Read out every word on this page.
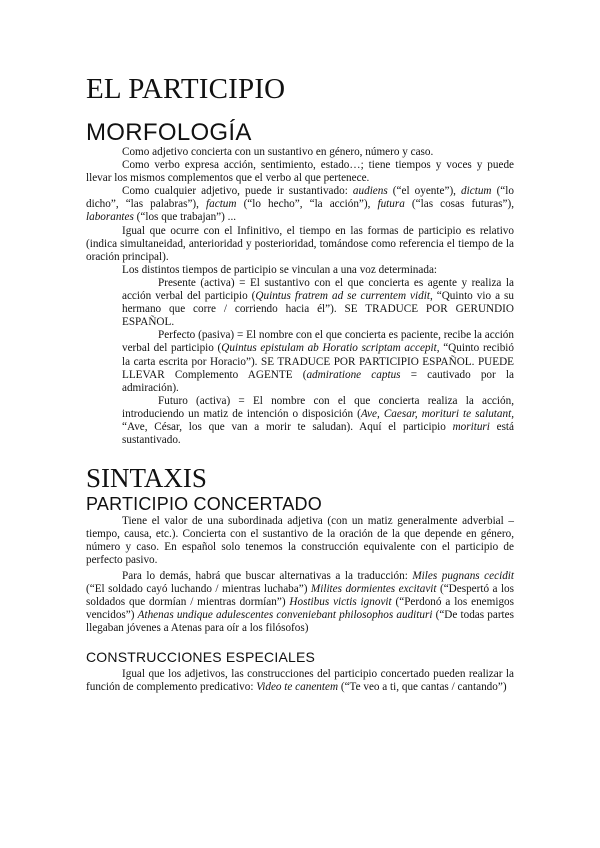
EL PARTICIPIO
MORFOLOGÍA

Como adjetivo concierta con un sustantivo en género, número y caso.

Como verbo expresa acción, sentimiento, estado…; tiene tiempos y voces y puede llevar los mismos complementos que el verbo al que pertenece.

Como cualquier adjetivo, puede ir sustantivado: audiens (“el oyente”), dictum (“lo dicho”, “las palabras”), factum (“lo hecho”, “la acción”), futura (“las cosas futuras”), laborantes (“los que trabajan”) ...

Igual que ocurre con el Infinitivo, el tiempo en las formas de participio es relativo (indica simultaneidad, anterioridad y posterioridad, tomándose como referencia el tiempo de la oración principal).

Los distintos tiempos de participio se vinculan a una voz determinada:

Presente (activa) = El sustantivo con el que concierta es agente y realiza la acción verbal del participio (Quintus fratrem ad se currentem vidit, “Quinto vio a su hermano que corre / corriendo hacia él”). SE TRADUCE POR GERUNDIO ESPAÑOL.

Perfecto (pasiva) = El nombre con el que concierta es paciente, recibe la acción verbal del participio (Quintus epistulam ab Horatio scriptam accepit, “Quinto recibió la carta escrita por Horacio”). SE TRADUCE POR PARTICIPIO ESPAÑOL. PUEDE LLEVAR Complemento AGENTE (admiratione captus = cautivado por la admiración).

Futuro (activa) = El nombre con el que concierta realiza la acción, introduciendo un matiz de intención o disposición (Ave, Caesar, morituri te salutant, “Ave, César, los que van a morir te saludan). Aquí el participio morituri está sustantivado.

SINTAXIS
PARTICIPIO CONCERTADO

Tiene el valor de una subordinada adjetiva (con un matiz generalmente adverbial –tiempo, causa, etc.). Concierta con el sustantivo de la oración de la que depende en género, número y caso. En español solo tenemos la construcción equivalente con el participio de perfecto pasivo.

Para lo demás, habrá que buscar alternativas a la traducción: Miles pugnans cecidit (“El soldado cayó luchando / mientras luchaba”) Milites dormientes excitavit (“Despertó a los soldados que dormían / mientras dormían”) Hostibus victis ignovit (“Perdonó a los enemigos vencidos”) Athenas undique adulescentes conveniebant philosophos audituri (“De todas partes llegaban jóvenes a Atenas para oír a los filósofos)

CONSTRUCCIONES ESPECIALES

Igual que los adjetivos, las construcciones del participio concertado pueden realizar la función de complemento predicativo: Video te canentem (“Te veo a ti, que cantas / cantando”)
